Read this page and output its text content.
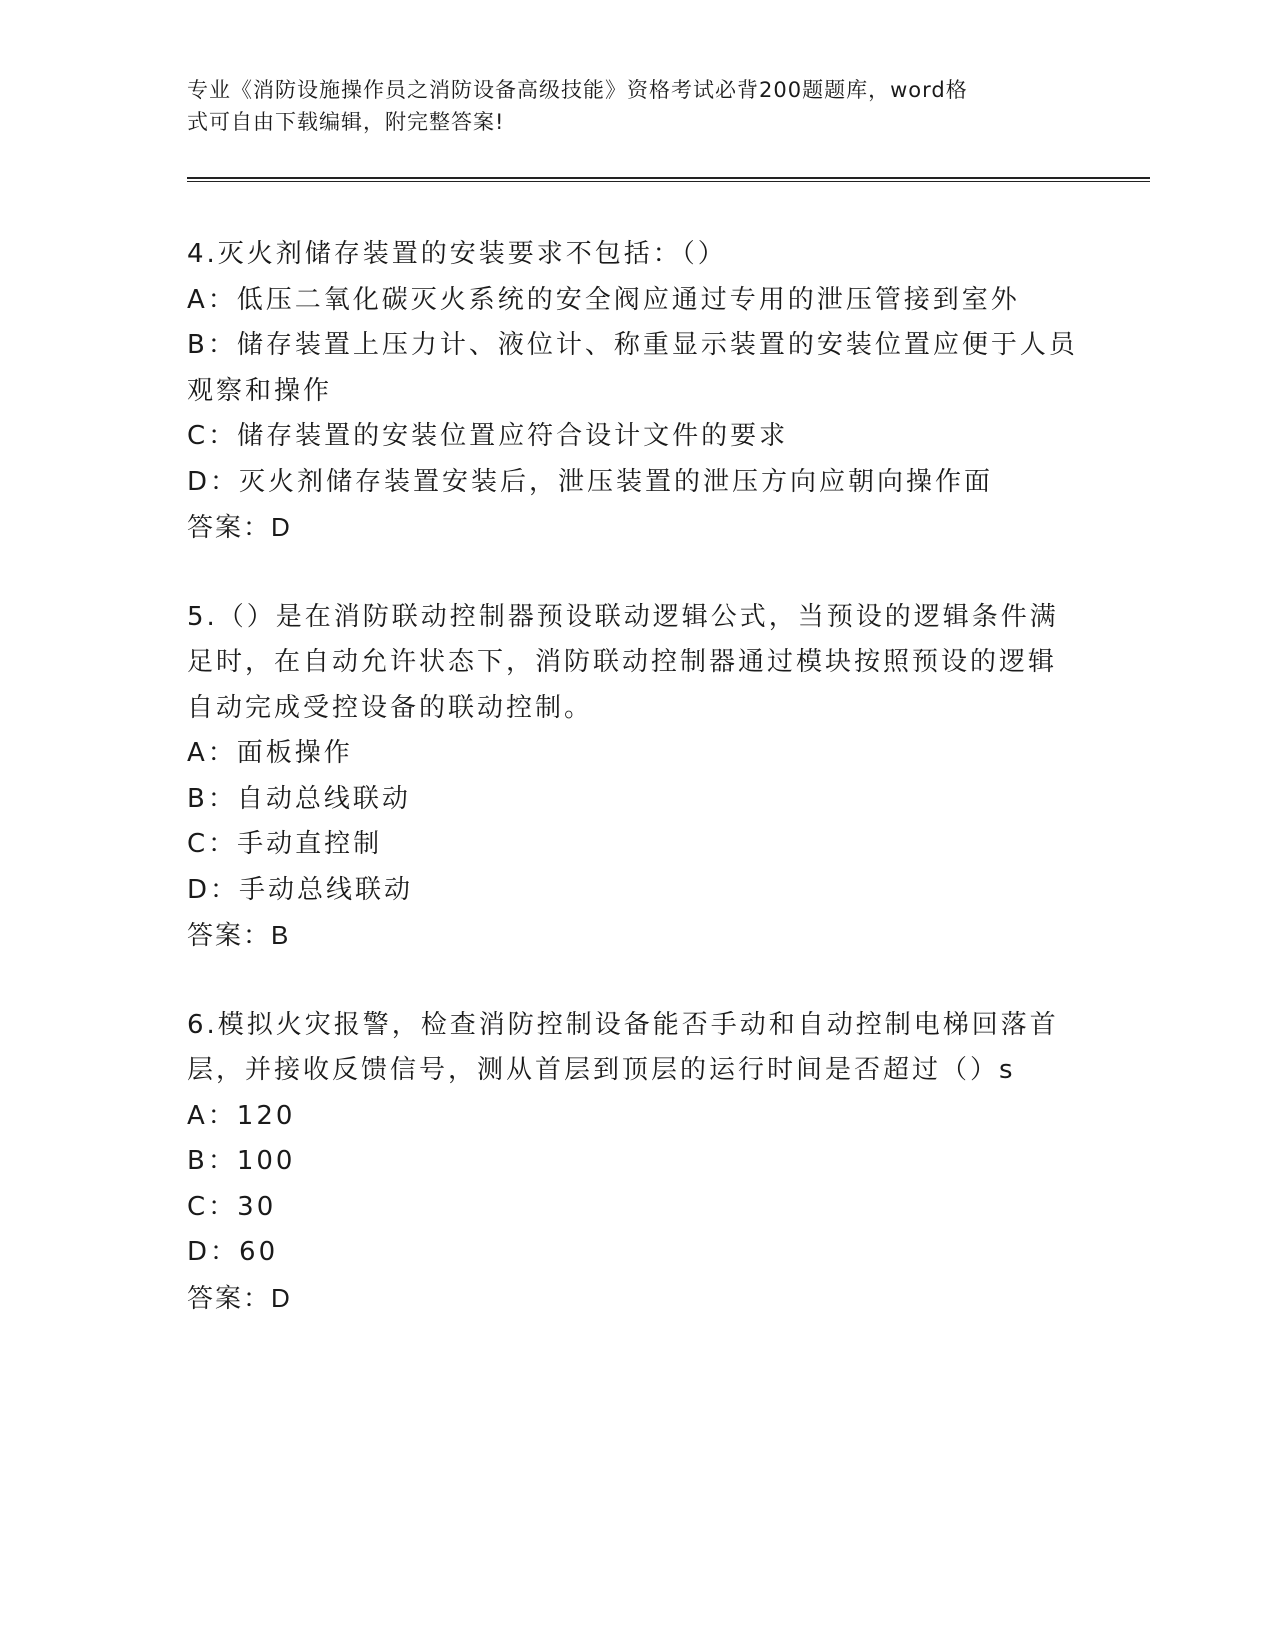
专业《消防设施操作员之消防设备高级技能》资格考试必背200题题库，word格
式可自由下载编辑，附完整答案!
4.灭火剂储存装置的安装要求不包括：（）
A：低压二氧化碳灭火系统的安全阀应通过专用的泄压管接到室外
B：储存装置上压力计、液位计、称重显示装置的安装位置应便于人员
观察和操作
C：储存装置的安装位置应符合设计文件的要求
D：灭火剂储存装置安装后，泄压装置的泄压方向应朝向操作面
答案：D
5.（）是在消防联动控制器预设联动逻辑公式，当预设的逻辑条件满
足时，在自动允许状态下，消防联动控制器通过模块按照预设的逻辑
自动完成受控设备的联动控制。
A：面板操作
B：自动总线联动
C：手动直控制
D：手动总线联动
答案：B
6.模拟火灾报警，检查消防控制设备能否手动和自动控制电梯回落首
层，并接收反馈信号，测从首层到顶层的运行时间是否超过（）s
A：120
B：100
C：30
D：60
答案：D
